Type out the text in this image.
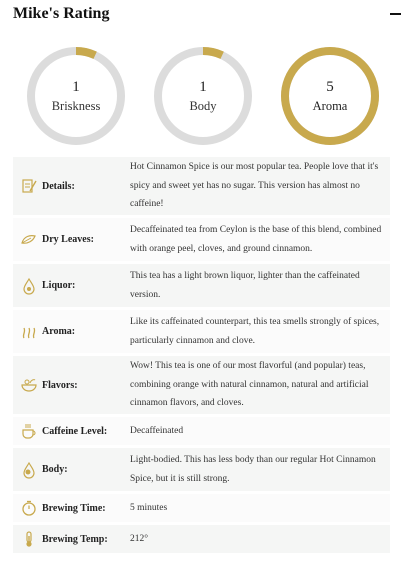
Mike's Rating
1
Briskness
1
Body
5
Aroma
Details:
Hot Cinnamon Spice is our most popular tea. People love that it's spicy and sweet yet has no sugar. This version has almost no caffeine!
Dry Leaves:
Decaffeinated tea from Ceylon is the base of this blend, combined with orange peel, cloves, and ground cinnamon.
Liquor:
This tea has a light brown liquor, lighter than the caffeinated version.
Aroma:
Like its caffeinated counterpart, this tea smells strongly of spices, particularly cinnamon and clove.
Flavors:
Wow! This tea is one of our most flavorful (and popular) teas, combining orange with natural cinnamon, natural and artificial cinnamon flavors, and cloves.
Caffeine Level: Decaffeinated
Body:
Light-bodied. This has less body than our regular Hot Cinnamon Spice, but it is still strong.
Brewing Time:	5 minutes
Brewing Temp: 212°
